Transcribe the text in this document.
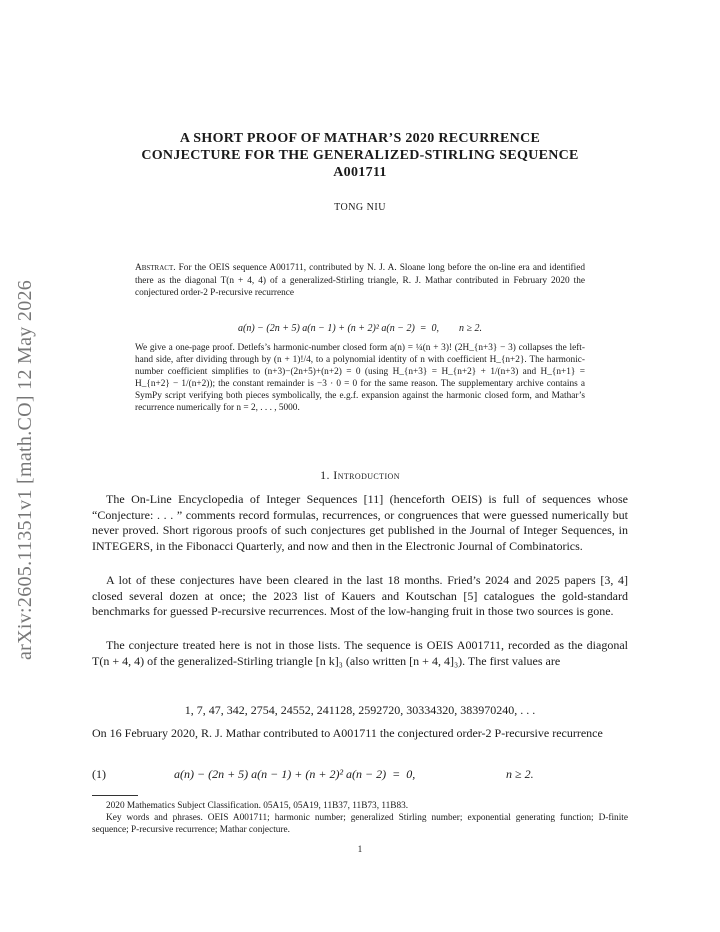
arXiv:2605.11351v1 [math.CO] 12 May 2026
A SHORT PROOF OF MATHAR’S 2020 RECURRENCE
CONJECTURE FOR THE GENERALIZED-STIRLING SEQUENCE
A001711
TONG NIU
Abstract. For the OEIS sequence A001711, contributed by N. J. A. Sloane long before the on-line era and identified there as the diagonal T(n + 4, 4) of a generalized-Stirling triangle, R. J. Mathar contributed in February 2020 the conjectured order-2 P-recursive recurrence
a(n) − (2n + 5) a(n − 1) + (n + 2)² a(n − 2)  =  0,        n ≥ 2.
We give a one-page proof. Detlefs’s harmonic-number closed form a(n) = ¼(n + 3)! (2H_{n+3} − 3) collapses the left-hand side, after dividing through by (n + 1)!/4, to a polynomial identity of n with coefficient H_{n+2}. The harmonic-number coefficient simplifies to (n+3)−(2n+5)+(n+2) = 0 (using H_{n+3} = H_{n+2} + 1/(n+3) and H_{n+1} = H_{n+2} − 1/(n+2)); the constant remainder is −3 · 0 = 0 for the same reason. The supplementary archive contains a SymPy script verifying both pieces symbolically, the e.g.f. expansion against the harmonic closed form, and Mathar’s recurrence numerically for n = 2, . . . , 5000.
1. Introduction
The On-Line Encyclopedia of Integer Sequences [11] (henceforth OEIS) is full of sequences whose “Conjecture: . . . ” comments record formulas, recurrences, or congruences that were guessed numerically but never proved. Short rigorous proofs of such conjectures get published in the Journal of Integer Sequences, in INTEGERS, in the Fibonacci Quarterly, and now and then in the Electronic Journal of Combinatorics.
A lot of these conjectures have been cleared in the last 18 months. Fried’s 2024 and 2025 papers [3, 4] closed several dozen at once; the 2023 list of Kauers and Koutschan [5] catalogues the gold-standard benchmarks for guessed P-recursive recurrences. Most of the low-hanging fruit in those two sources is gone.
The conjecture treated here is not in those lists. The sequence is OEIS A001711, recorded as the diagonal T(n + 4, 4) of the generalized-Stirling triangle [n k]₃ (also written [n + 4, 4]₃). The first values are
1, 7, 47, 342, 2754, 24552, 241128, 2592720, 30334320, 383970240, . . .
On 16 February 2020, R. J. Mathar contributed to A001711 the conjectured order-2 P-recursive recurrence
(1)	a(n) − (2n + 5) a(n − 1) + (n + 2)² a(n − 2)  =  0,	n ≥ 2.
2020 Mathematics Subject Classification. 05A15, 05A19, 11B37, 11B73, 11B83.
Key words and phrases. OEIS A001711; harmonic number; generalized Stirling number; exponential generating function; D-finite sequence; P-recursive recurrence; Mathar conjecture.
1
